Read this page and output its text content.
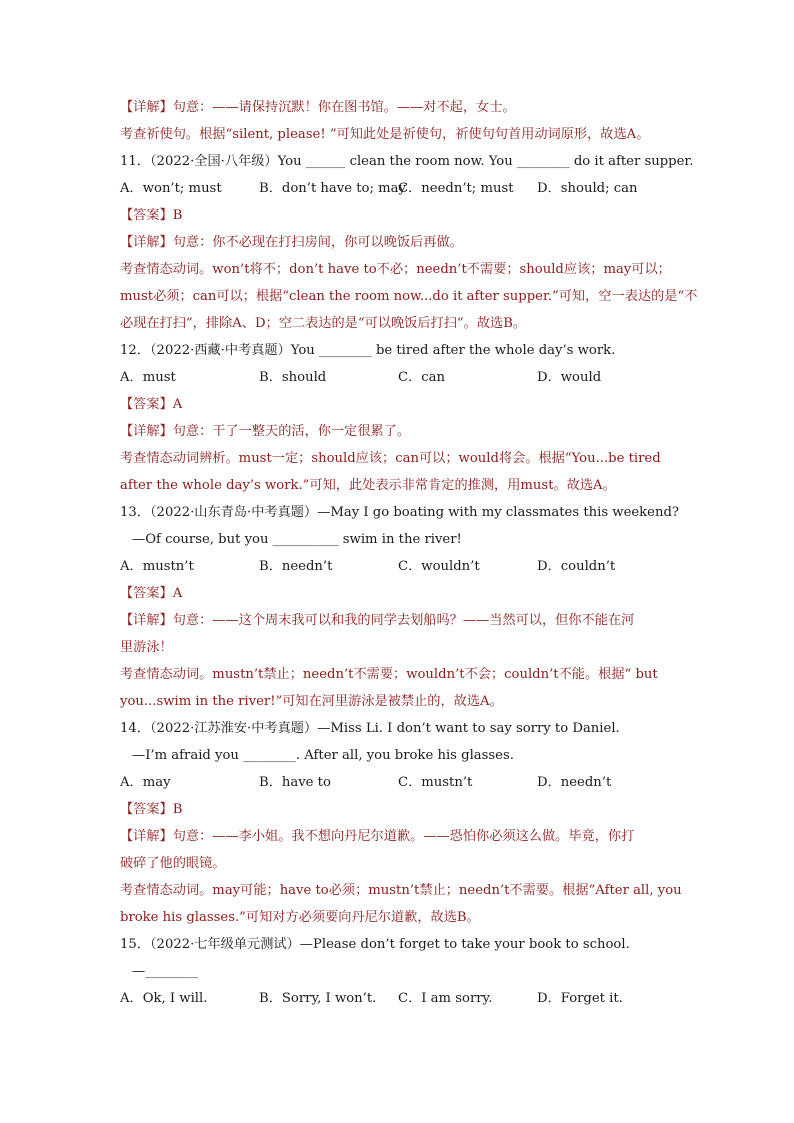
【详解】句意：——请保持沉默！你在图书馆。——对不起，女士。
考查祈使句。根据“silent, please! ”可知此处是祈使句，祈使句句首用动词原形，故选A。
11．（2022·全国·八年级）You ______ clean the room now. You ________ do it after supper.
A．won’t; must	B．don’t have to; may
C．needn’t; must	D．should; can
【答案】B
【详解】句意：你不必现在打扫房间，你可以晚饭后再做。
考查情态动词。won’t将不；don’t have to不必；needn’t不需要；should应该；may可以；
must必须；can可以；根据“clean the room now...do it after supper.”可知，空一表达的是“不
必现在打扫”，排除A、D；空二表达的是“可以晚饭后打扫”。故选B。
12．（2022·西藏·中考真题）You ________ be tired after the whole day’s work.
A．must	B．should	C．can	D．would
【答案】A
【详解】句意：干了一整天的活，你一定很累了。
考查情态动词辨析。must一定；should应该；can可以；would将会。根据“You...be tired
after the whole day’s work.”可知，此处表示非常肯定的推测，用must。故选A。
13．（2022·山东青岛·中考真题）—May I go boating with my classmates this weekend?
—Of course, but you __________ swim in the river!
A．mustn’t	B．needn’t	C．wouldn’t	D．couldn’t
【答案】A
【详解】句意：——这个周末我可以和我的同学去划船吗？——当然可以，但你不能在河
里游泳！
考查情态动词。mustn’t禁止；needn’t不需要；wouldn’t不会；couldn’t不能。根据“ but
you...swim in the river!”可知在河里游泳是被禁止的，故选A。
14．（2022·江苏淮安·中考真题）—Miss Li. I don’t want to say sorry to Daniel.
—I’m afraid you ________. After all, you broke his glasses.
A．may	B．have to	C．mustn’t	D．needn’t
【答案】B
【详解】句意：——李小姐。我不想向丹尼尔道歉。——恐怕你必须这么做。毕竟，你打
破碎了他的眼镜。
考查情态动词。may可能；have to必须；mustn’t禁止；needn’t不需要。根据“After all, you
broke his glasses.”可知对方必须要向丹尼尔道歉，故选B。
15．（2022·七年级单元测试）—Please don’t forget to take your book to school.
—________
A．Ok, I will.	B．Sorry, I won’t.	C．I am sorry.	D．Forget it.
